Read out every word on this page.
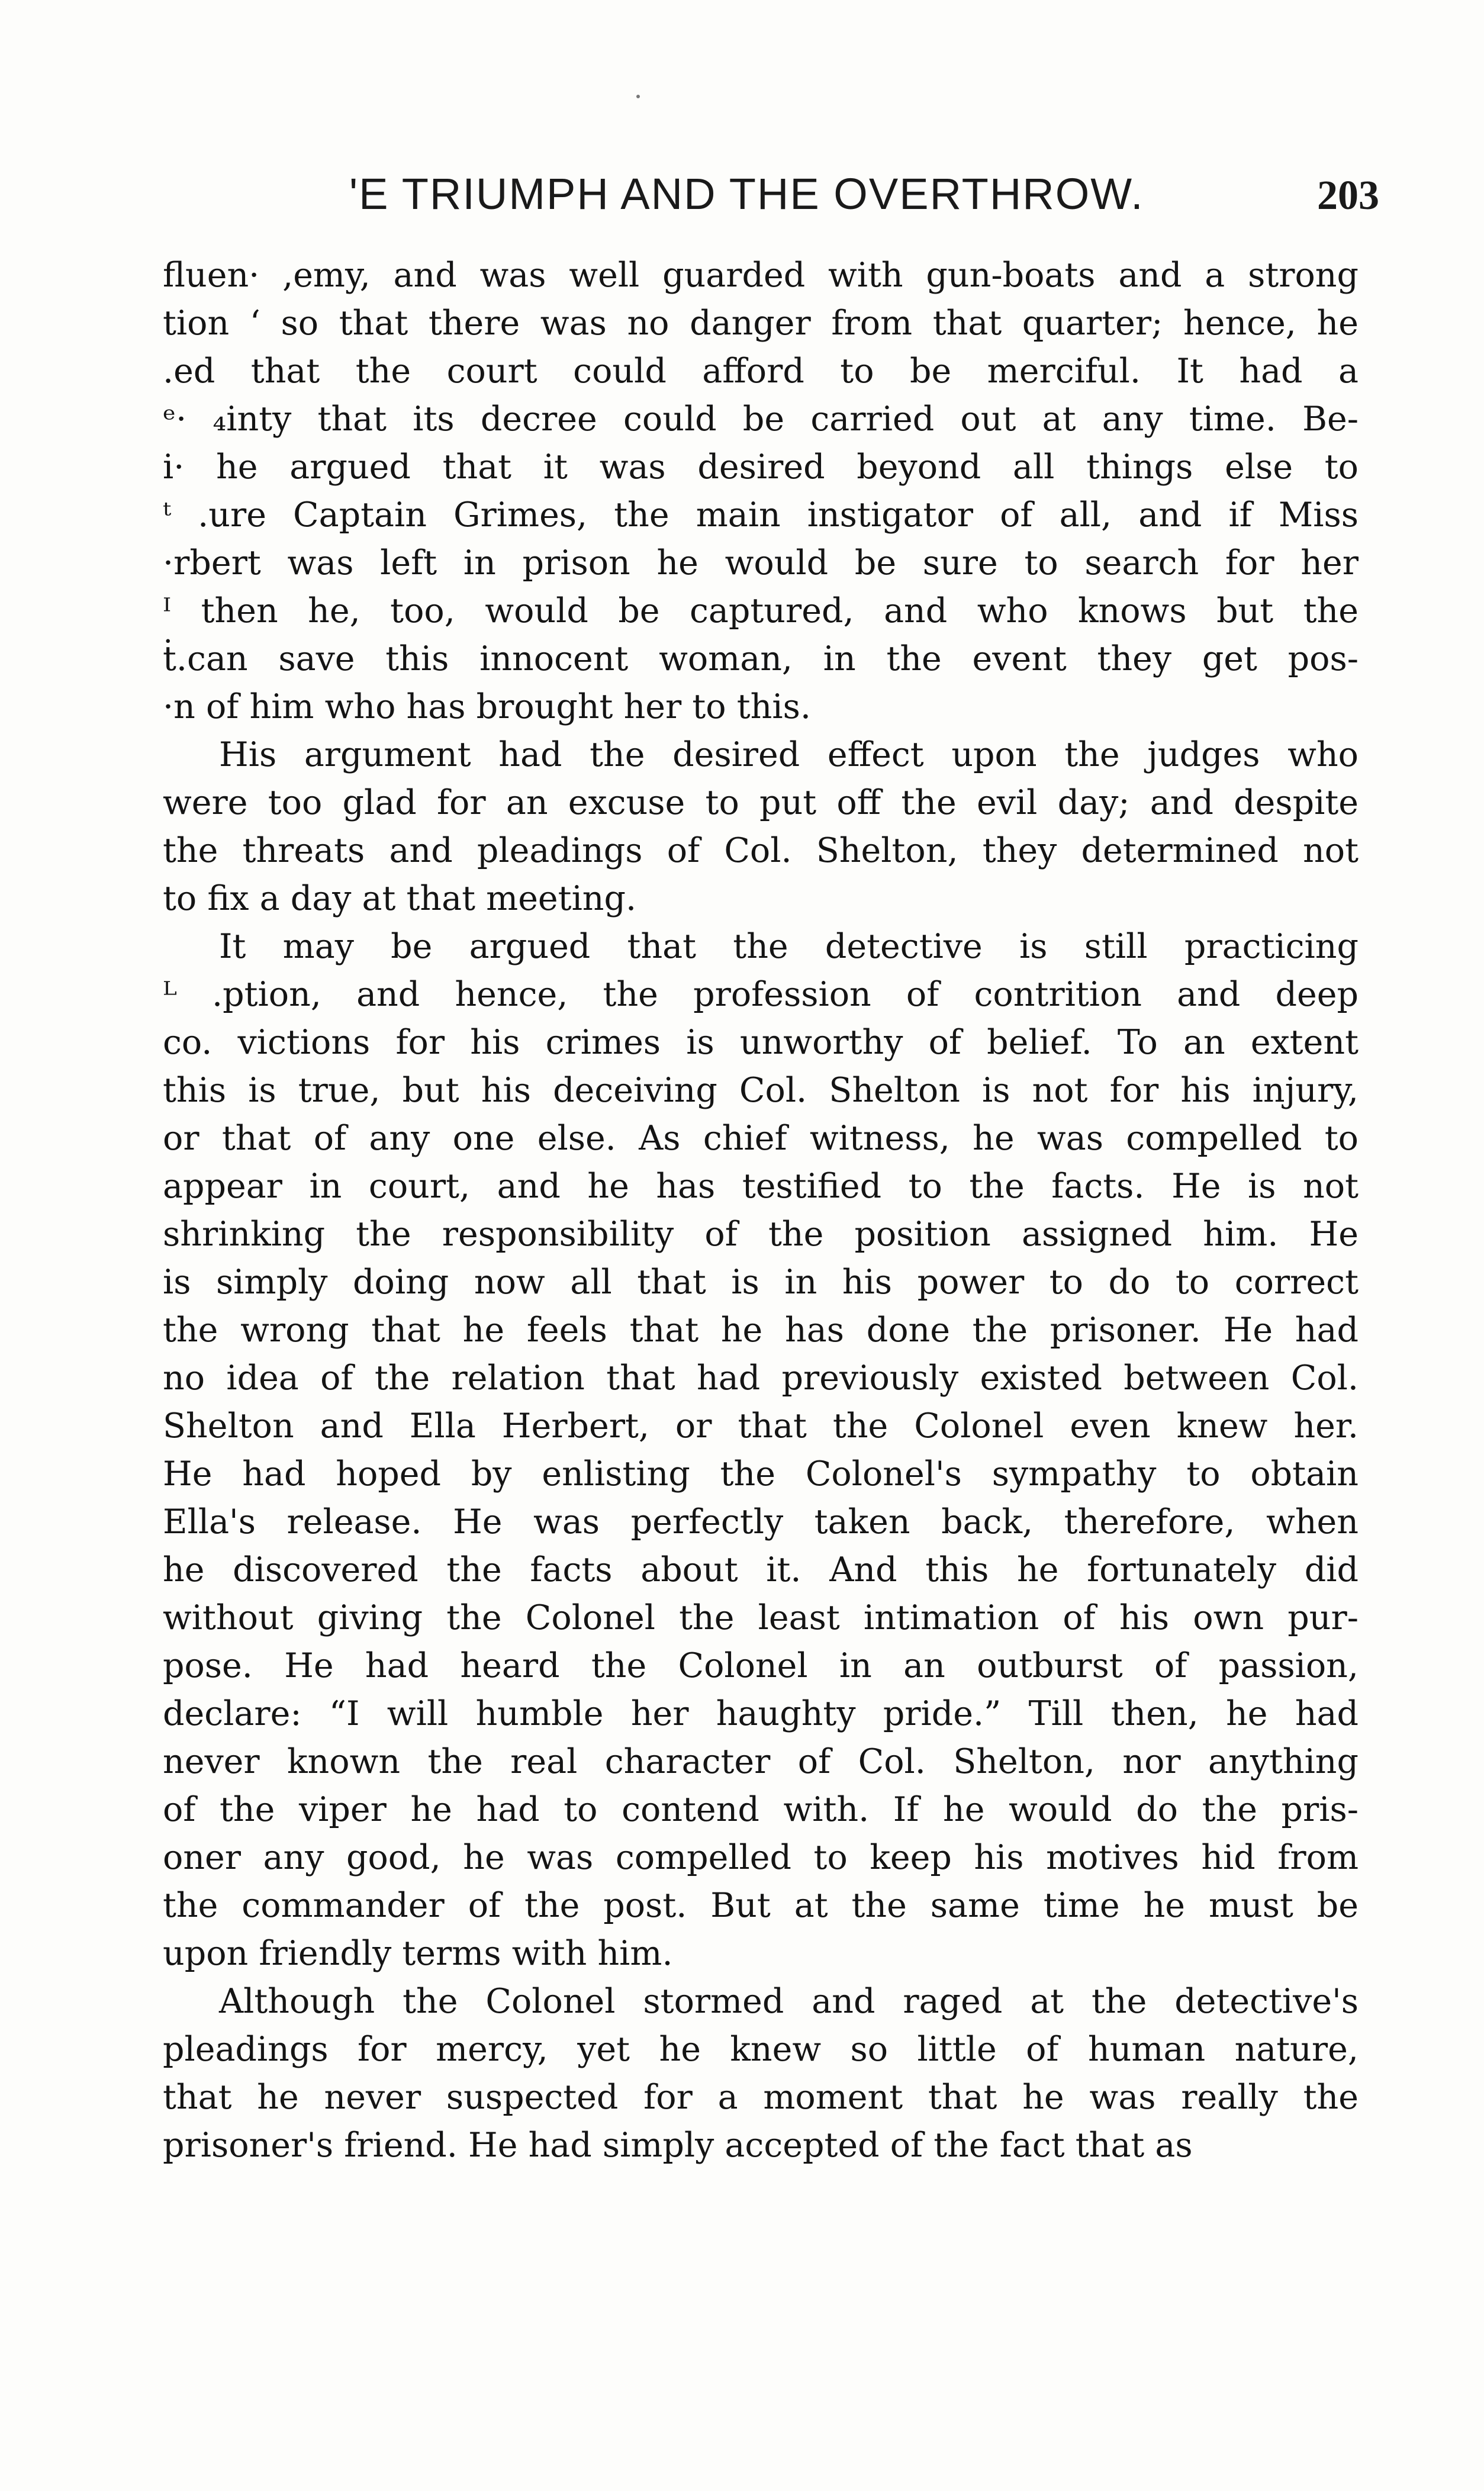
'E TRIUMPH AND THE OVERTHROW.	203

fluen· ,emy, and was well guarded with gun-boats and a strong
tion ‘ so that there was no danger from that quarter; hence, he
.ed that the court could afford to be merciful. It had a
ᵉ· ₄inty that its decree could be carried out at any time. Be-
i· he argued that it was desired beyond all things else to
ᵗ .ure Captain Grimes, the main instigator of all, and if Miss
·rbert was left in prison he would be sure to search for her
ᴵ then he, too, would be captured, and who knows but the
ṫ.can save this innocent woman, in the event they get pos-
·n of him who has brought her to this.

His argument had the desired effect upon the judges who
were too glad for an excuse to put off the evil day; and despite
the threats and pleadings of Col. Shelton, they determined not
to fix a day at that meeting.

It may be argued that the detective is still practicing
ᴸ .ption, and hence, the profession of contrition and deep
co. victions for his crimes is unworthy of belief. To an extent
this is true, but his deceiving Col. Shelton is not for his injury,
or that of any one else. As chief witness, he was compelled to
appear in court, and he has testified to the facts. He is not
shrinking the responsibility of the position assigned him. He
is simply doing now all that is in his power to do to correct
the wrong that he feels that he has done the prisoner. He had
no idea of the relation that had previously existed between Col.
Shelton and Ella Herbert, or that the Colonel even knew her.
He had hoped by enlisting the Colonel's sympathy to obtain
Ella's release. He was perfectly taken back, therefore, when
he discovered the facts about it. And this he fortunately did
without giving the Colonel the least intimation of his own pur-
pose. He had heard the Colonel in an outburst of passion,
declare: “I will humble her haughty pride.” Till then, he had
never known the real character of Col. Shelton, nor anything
of the viper he had to contend with. If he would do the pris-
oner any good, he was compelled to keep his motives hid from
the commander of the post. But at the same time he must be
upon friendly terms with him.

Although the Colonel stormed and raged at the detective's
pleadings for mercy, yet he knew so little of human nature,
that he never suspected for a moment that he was really the
prisoner's friend. He had simply accepted of the fact that as
